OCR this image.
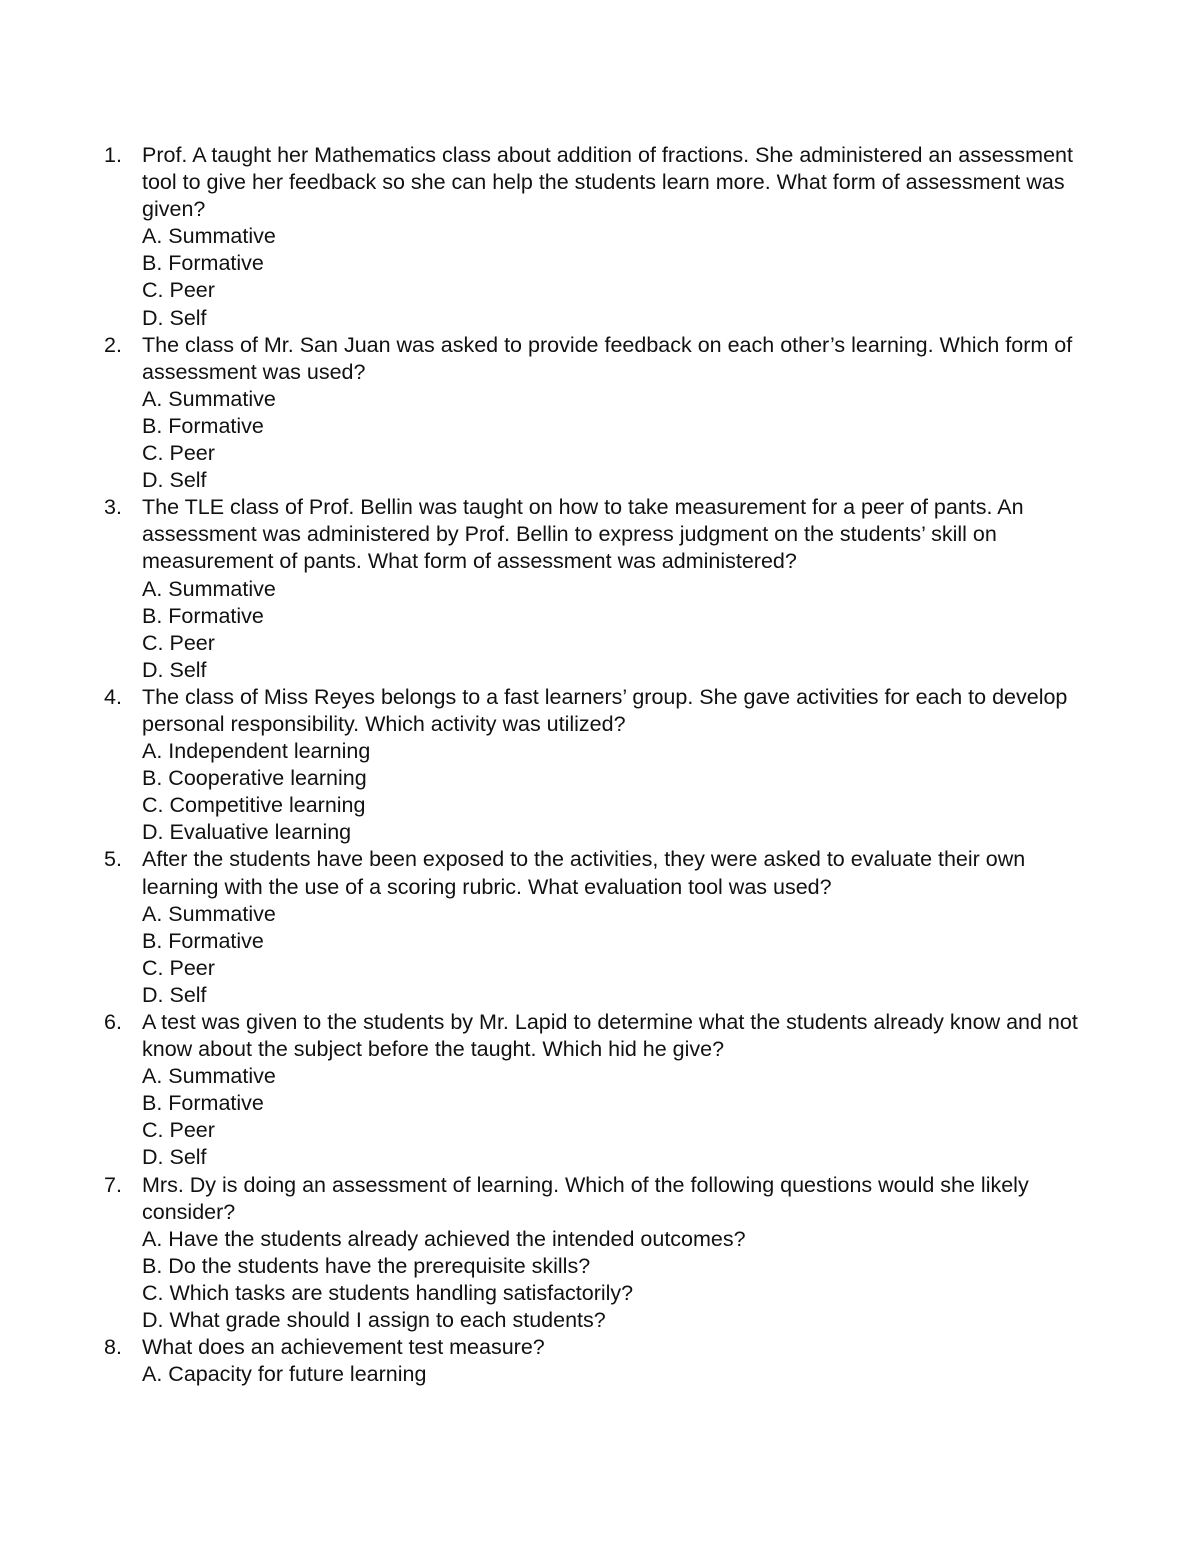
1. Prof. A taught her Mathematics class about addition of fractions. She administered an assessment tool to give her feedback so she can help the students learn more. What form of assessment was given?
A. Summative
B. Formative
C. Peer
D. Self
2. The class of Mr. San Juan was asked to provide feedback on each other’s learning. Which form of assessment was used?
A. Summative
B. Formative
C. Peer
D. Self
3. The TLE class of Prof. Bellin was taught on how to take measurement for a peer of pants. An assessment was administered by Prof. Bellin to express judgment on the students’ skill on measurement of pants. What form of assessment was administered?
A. Summative
B. Formative
C. Peer
D. Self
4. The class of Miss Reyes belongs to a fast learners’ group. She gave activities for each to develop personal responsibility. Which activity was utilized?
A. Independent learning
B. Cooperative learning
C. Competitive learning
D. Evaluative learning
5. After the students have been exposed to the activities, they were asked to evaluate their own learning with the use of a scoring rubric. What evaluation tool was used?
A. Summative
B. Formative
C. Peer
D. Self
6. A test was given to the students by Mr. Lapid to determine what the students already know and not know about the subject before the taught. Which hid he give?
A. Summative
B. Formative
C. Peer
D. Self
7. Mrs. Dy is doing an assessment of learning. Which of the following questions would she likely consider?
A. Have the students already achieved the intended outcomes?
B. Do the students have the prerequisite skills?
C. Which tasks are students handling satisfactorily?
D. What grade should I assign to each students?
8. What does an achievement test measure?
A. Capacity for future learning
